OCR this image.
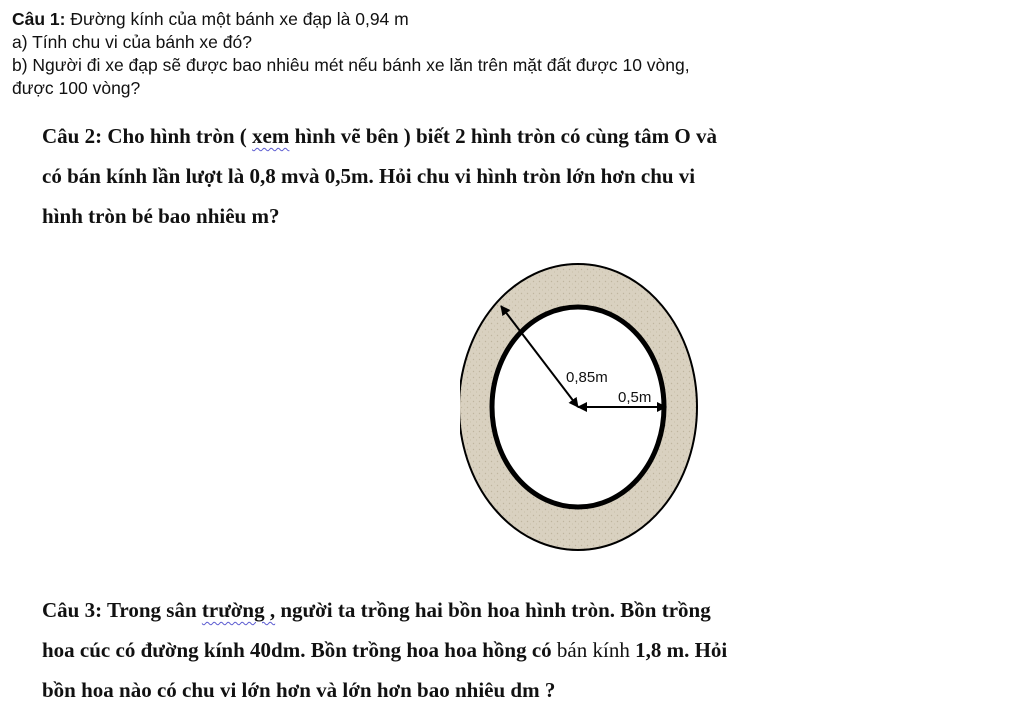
Câu 1: Đường kính của một bánh xe đạp là 0,94 m

a) Tính chu vi của bánh xe đó?

b) Người đi xe đạp sẽ được bao nhiêu mét nếu bánh xe lăn trên mặt đất được 10 vòng,

được 100 vòng?

Câu 2: Cho hình tròn ( xem hình vẽ bên ) biết 2 hình tròn có cùng tâm O và

có bán kính lần lượt là 0,8 mvà 0,5m. Hỏi chu vi hình tròn lớn hơn chu vi

hình tròn bé bao nhiêu m?

0,85m
0,5m

Câu 3: Trong sân trường , người ta trồng hai bồn hoa hình tròn. Bồn trồng

hoa cúc có đường kính 40dm. Bồn trồng hoa hoa hồng có bán kính 1,8 m. Hỏi

bồn hoa nào có chu vi lớn hơn và lớn hơn bao nhiêu dm ?
